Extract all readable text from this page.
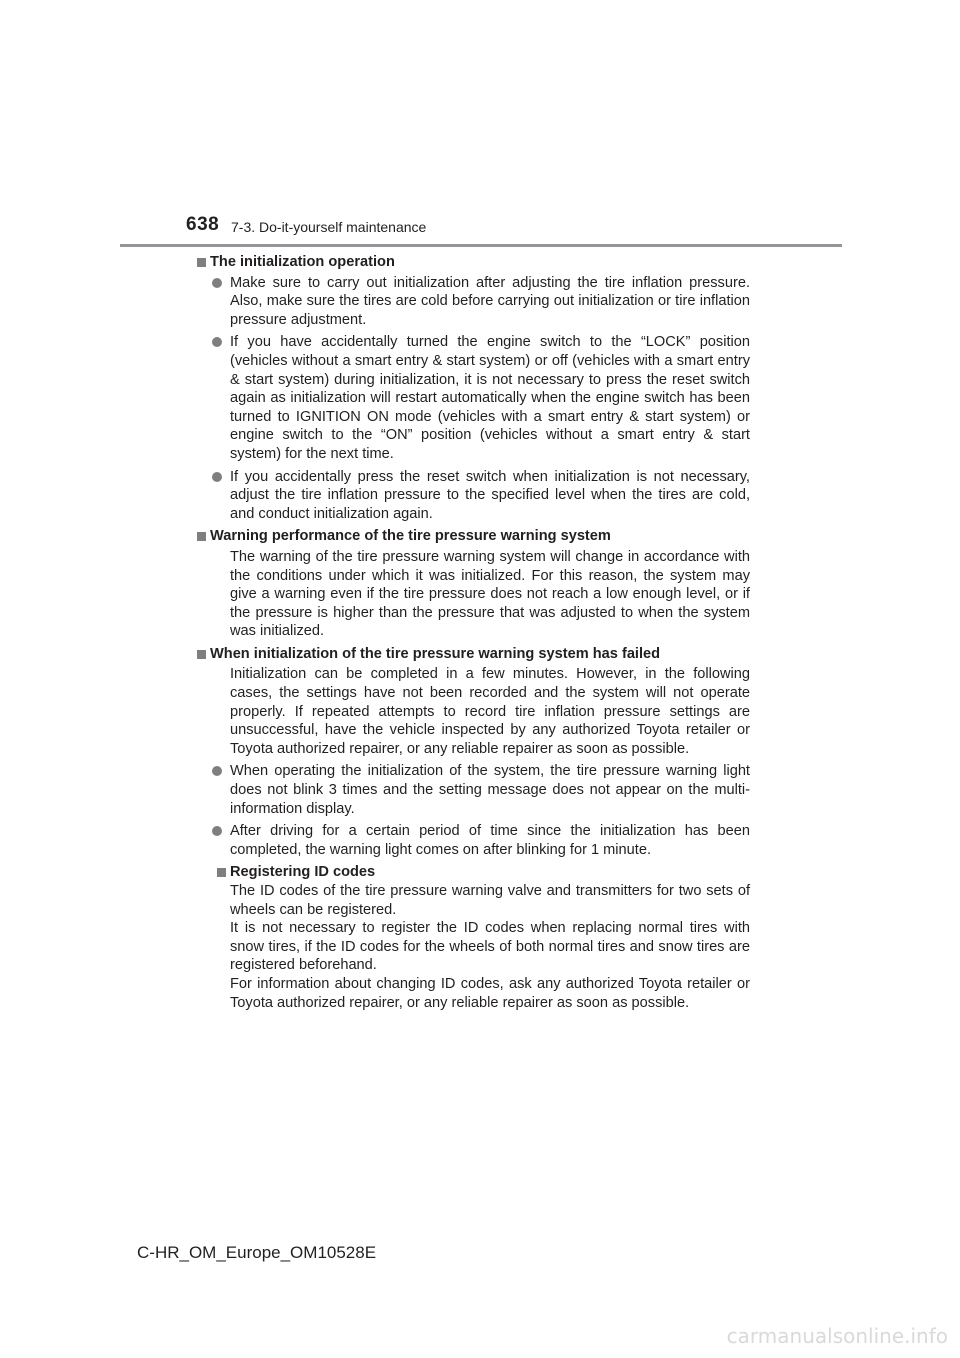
638 7-3. Do-it-yourself maintenance

The initialization operation

Make sure to carry out initialization after adjusting the tire inflation pressure. Also, make sure the tires are cold before carrying out initialization or tire inflation pressure adjustment.
If you have accidentally turned the engine switch to the “LOCK” position (vehicles without a smart entry & start system) or off (vehicles with a smart entry & start system) during initialization, it is not necessary to press the reset switch again as initialization will restart automatically when the engine switch has been turned to IGNITION ON mode (vehicles with a smart entry & start system) or engine switch to the “ON” position (vehicles without a smart entry & start system) for the next time.
If you accidentally press the reset switch when initialization is not necessary, adjust the tire inflation pressure to the specified level when the tires are cold, and conduct initialization again.

Warning performance of the tire pressure warning system

The warning of the tire pressure warning system will change in accordance with the conditions under which it was initialized. For this reason, the system may give a warning even if the tire pressure does not reach a low enough level, or if the pressure is higher than the pressure that was adjusted to when the system was initialized.

When initialization of the tire pressure warning system has failed

Initialization can be completed in a few minutes. However, in the following cases, the settings have not been recorded and the system will not operate properly. If repeated attempts to record tire inflation pressure settings are unsuccessful, have the vehicle inspected by any authorized Toyota retailer or Toyota authorized repairer, or any reliable repairer as soon as possible.

When operating the initialization of the system, the tire pressure warning light does not blink 3 times and the setting message does not appear on the multi-information display.
After driving for a certain period of time since the initialization has been completed, the warning light comes on after blinking for 1 minute.

Registering ID codes

The ID codes of the tire pressure warning valve and transmitters for two sets of wheels can be registered.

It is not necessary to register the ID codes when replacing normal tires with snow tires, if the ID codes for the wheels of both normal tires and snow tires are registered beforehand.

For information about changing ID codes, ask any authorized Toyota retailer or Toyota authorized repairer, or any reliable repairer as soon as possible.

C-HR_OM_Europe_OM10528E
carmanualsonline.info
